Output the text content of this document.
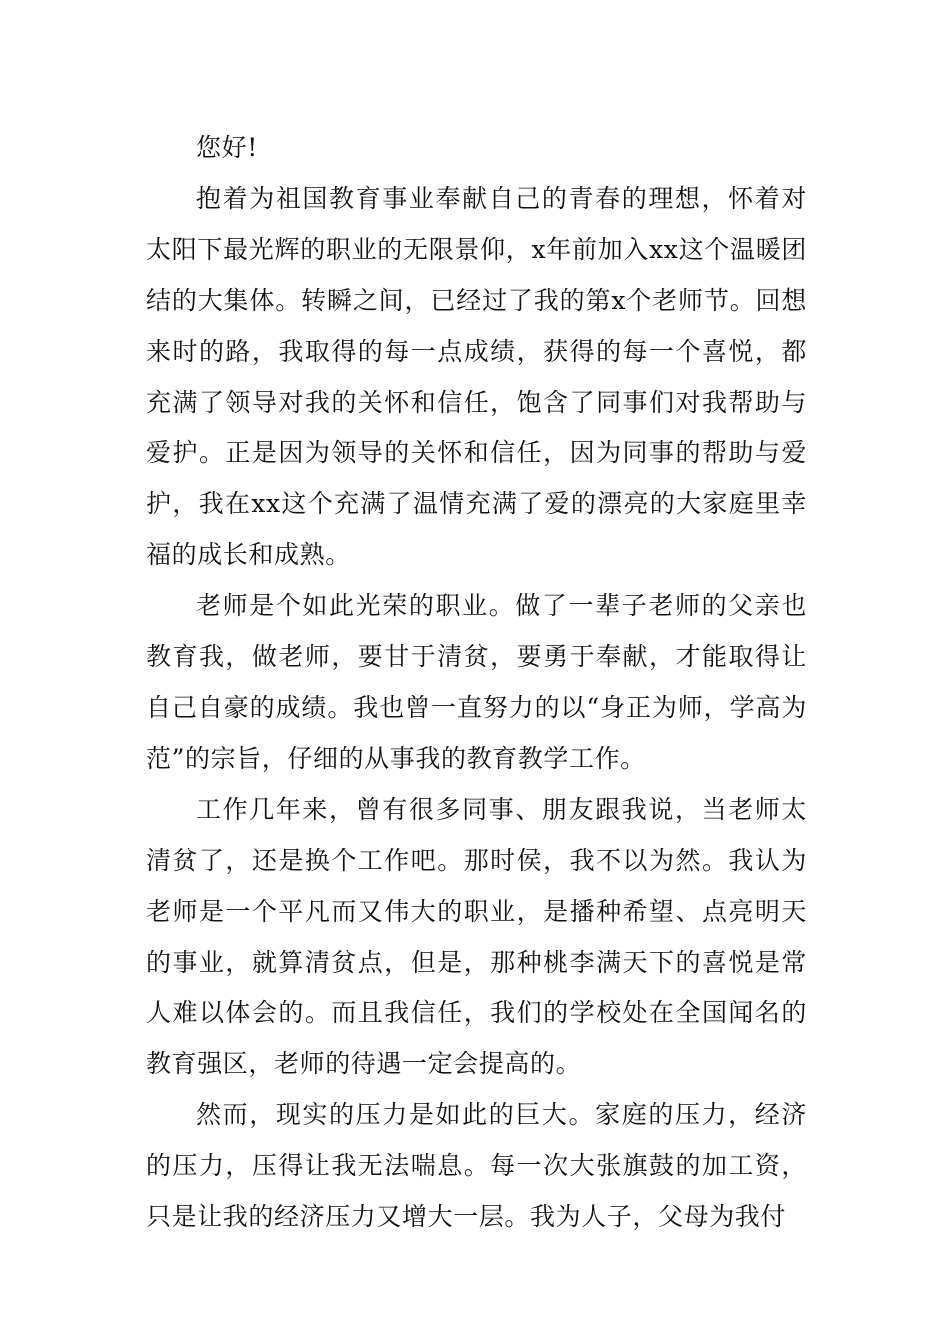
您好!

抱着为祖国教育事业奉献自己的青春的理想，怀着对太阳下最光辉的职业的无限景仰，x年前加入xx这个温暖团结的大集体。转瞬之间，已经过了我的第x个老师节。回想来时的路，我取得的每一点成绩，获得的每一个喜悦，都充满了领导对我的关怀和信任，饱含了同事们对我帮助与爱护。正是因为领导的关怀和信任，因为同事的帮助与爱护，我在xx这个充满了温情充满了爱的漂亮的大家庭里幸福的成长和成熟。

老师是个如此光荣的职业。做了一辈子老师的父亲也教育我，做老师，要甘于清贫，要勇于奉献，才能取得让自己自豪的成绩。我也曾一直努力的以“身正为师，学高为范”的宗旨，仔细的从事我的教育教学工作。

工作几年来，曾有很多同事、朋友跟我说，当老师太清贫了，还是换个工作吧。那时侯，我不以为然。我认为老师是一个平凡而又伟大的职业，是播种希望、点亮明天的事业，就算清贫点，但是，那种桃李满天下的喜悦是常人难以体会的。而且我信任，我们的学校处在全国闻名的教育强区，老师的待遇一定会提高的。

然而，现实的压力是如此的巨大。家庭的压力，经济的压力，压得让我无法喘息。每一次大张旗鼓的加工资，只是让我的经济压力又增大一层。我为人子，父母为我付
